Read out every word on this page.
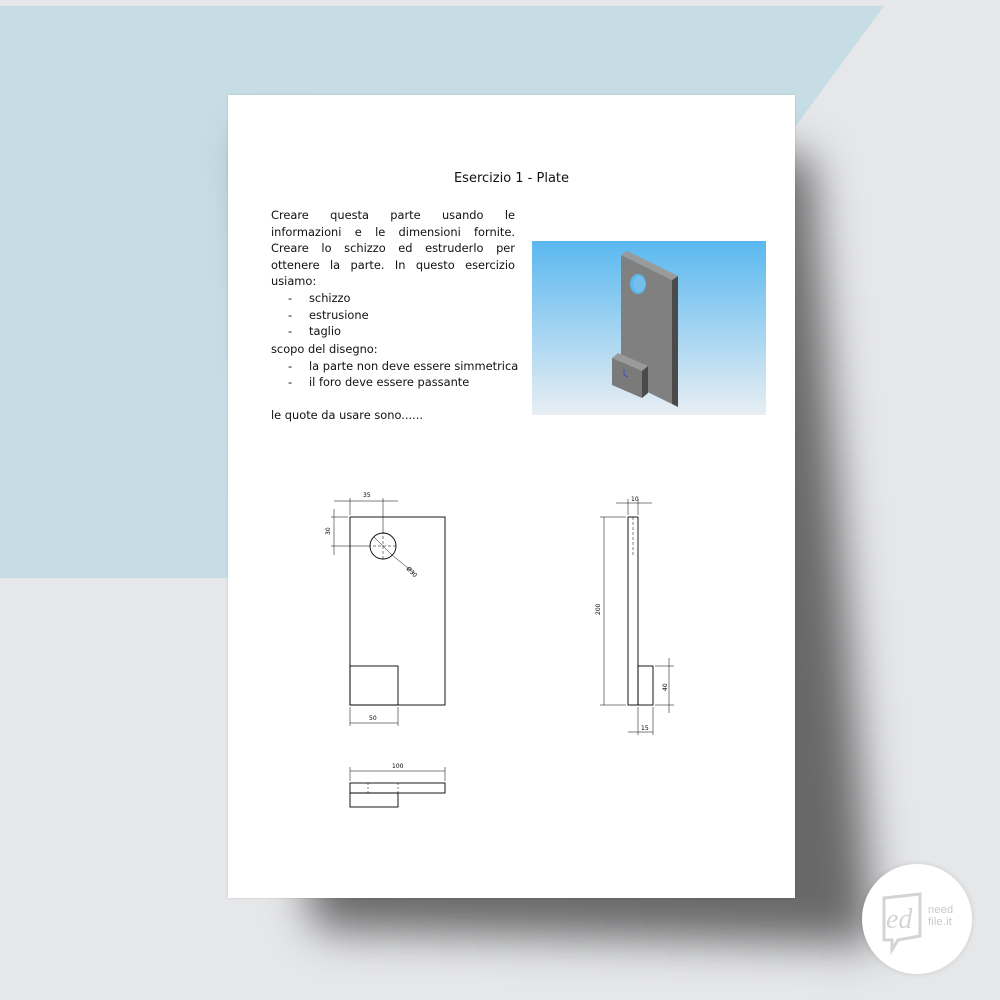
Esercizio 1 - Plate
Creare questa parte usando le informazioni e le dimensioni fornite. Creare lo schizzo ed estruderlo per ottenere la parte. In questo esercizio usiamo:
- schizzo
- estrusione
- taglio
scopo del disegno:
- la parte non deve essere simmetrica
- il foro deve essere passante
le quote da usare sono......
35
30
Ø30
50
10
200
40
15
100
ed need
file.it
